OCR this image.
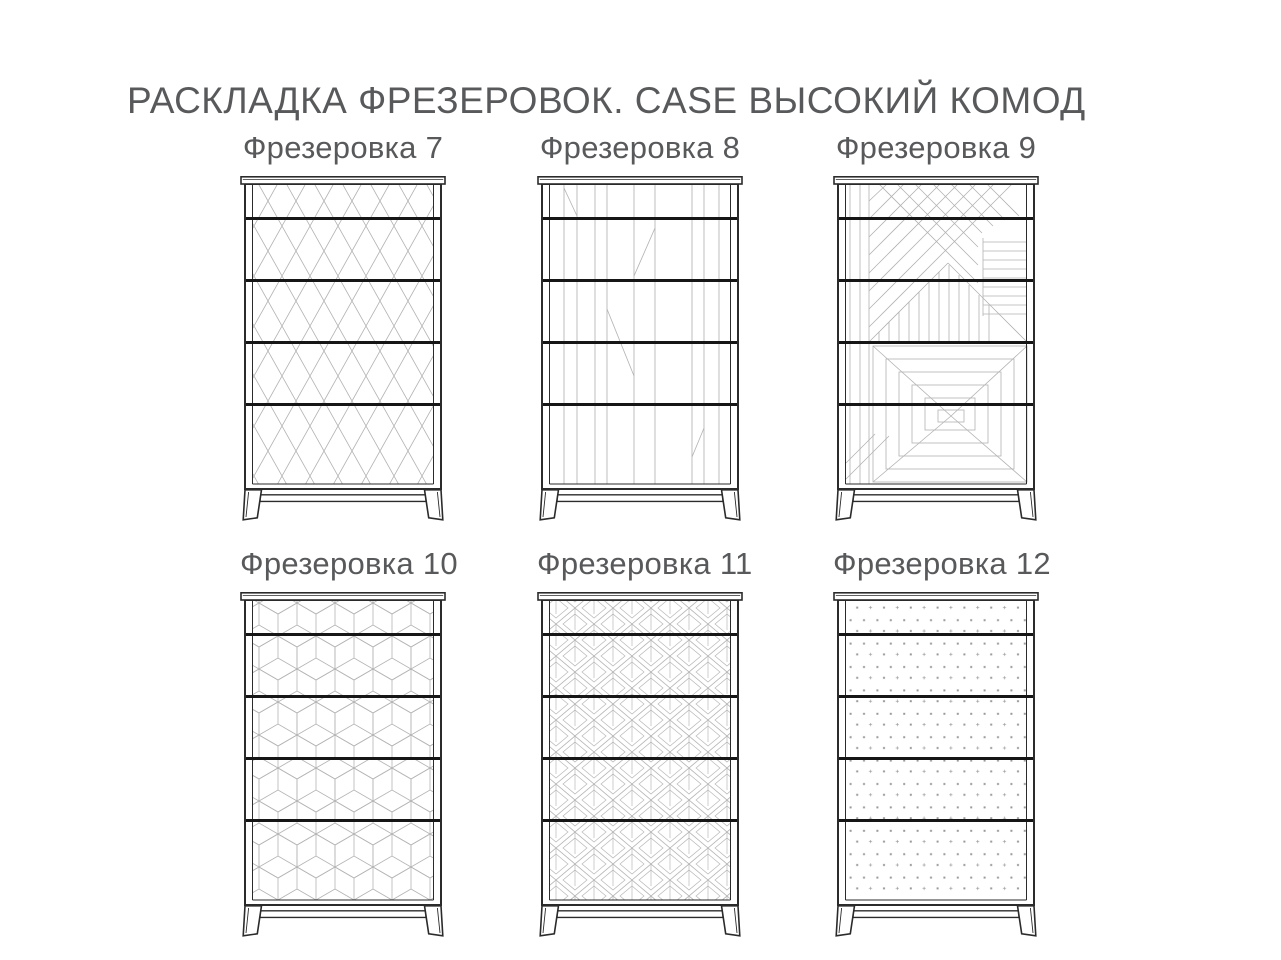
РАСКЛАДКА ФРЕЗЕРОВОК. CASE ВЫСОКИЙ КОМОД
Фрезеровка 7	Фрезеровка 8	Фрезеровка 9
Фрезеровка 10	Фрезеровка 11	Фрезеровка 12
